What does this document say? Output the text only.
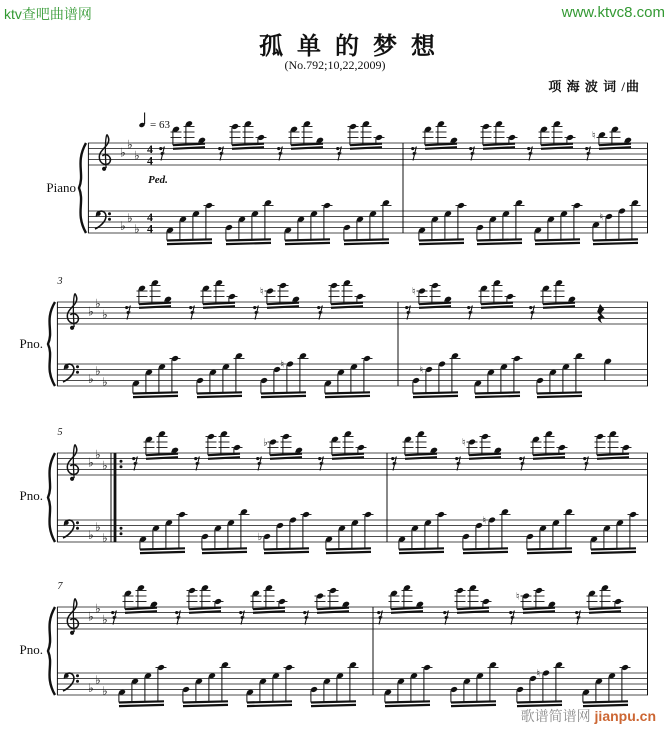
ktv查吧曲谱网	www.ktvc8.com
孤 单 的 梦 想
(No.792;10,22,2009)
项 海 波 词 /曲
Piano
♭
♭
♭
♭
♭
♭
4
4
4
4
= 63
Ped.
♮
♮
Pno.
3
♭
♭
♭
♭
♭
♭
♮
♮
♮
♮
Pno.
5
♭
♭
♭
♭
♭
♭
♭
♭
♮
♮
Pno.
7
♭
♭
♭
♭
♭
♭
♮
♮
歌谱简谱网 jianpu.cn
